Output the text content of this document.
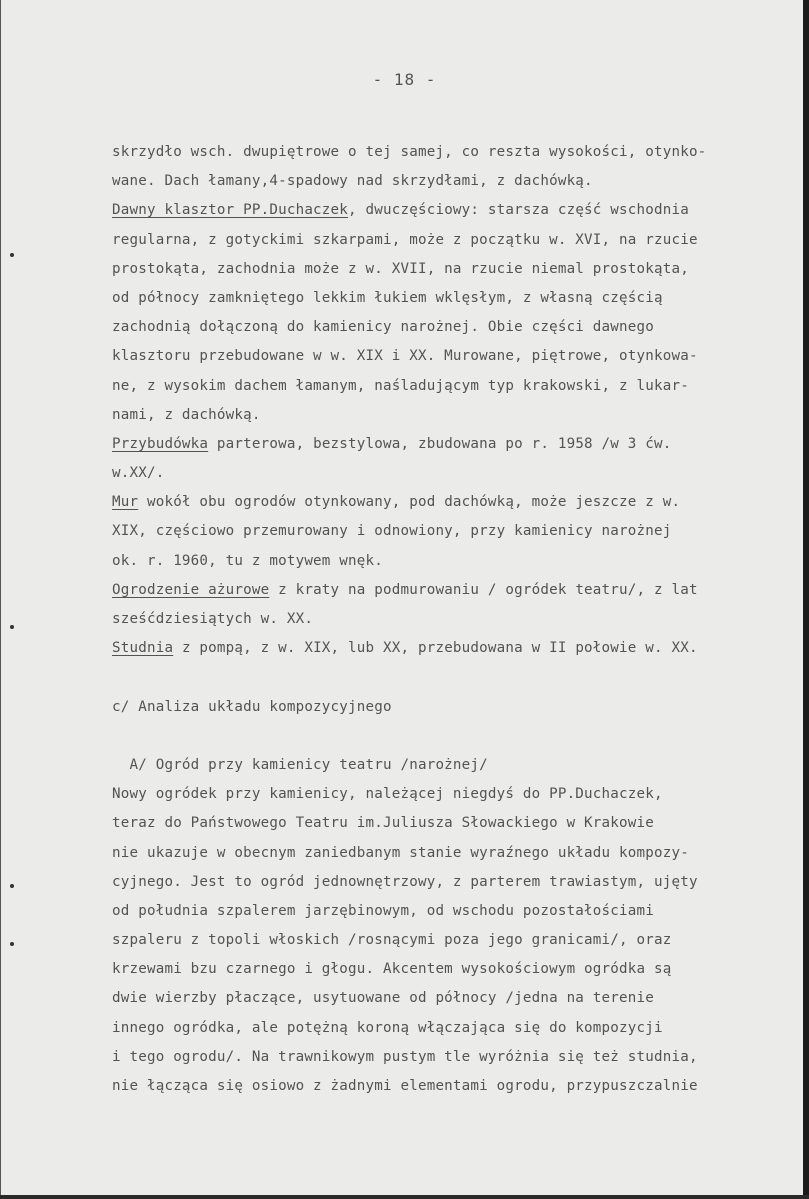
- 18 -
skrzydło wsch. dwupiętrowe o tej samej, co reszta wysokości, otynko-
wane. Dach łamany,4-spadowy nad skrzydłami, z dachówką.
Dawny klasztor PP.Duchaczek, dwuczęściowy: starsza część wschodnia
regularna, z gotyckimi szkarpami, może z początku w. XVI, na rzucie
prostokąta, zachodnia może z w. XVII, na rzucie niemal prostokąta,
od północy zamkniętego lekkim łukiem wklęsłym, z własną częścią
zachodnią dołączoną do kamienicy narożnej. Obie części dawnego
klasztoru przebudowane w w. XIX i XX. Murowane, piętrowe, otynkowa-
ne, z wysokim dachem łamanym, naśladującym typ krakowski, z lukar-
nami, z dachówką.
Przybudówka parterowa, bezstylowa, zbudowana po r. 1958 /w 3 ćw.
w.XX/.
Mur wokół obu ogrodów otynkowany, pod dachówką, może jeszcze z w.
XIX, częściowo przemurowany i odnowiony, przy kamienicy narożnej
ok. r. 1960, tu z motywem wnęk.
Ogrodzenie ażurowe z kraty na podmurowaniu / ogródek teatru/, z lat
sześćdziesiątych w. XX.
Studnia z pompą, z w. XIX, lub XX, przebudowana w II połowie w. XX.
c/ Analiza układu kompozycyjnego
A/ Ogród przy kamienicy teatru /narożnej/
Nowy ogródek przy kamienicy, należącej niegdyś do PP.Duchaczek,
teraz do Państwowego Teatru im.Juliusza Słowackiego w Krakowie
nie ukazuje w obecnym zaniedbanym stanie wyraźnego układu kompozy-
cyjnego. Jest to ogród jednownętrzowy, z parterem trawiastym, ujęty
od południa szpalerem jarzębinowym, od wschodu pozostałościami
szpaleru z topoli włoskich /rosnącymi poza jego granicami/, oraz
krzewami bzu czarnego i głogu. Akcentem wysokościowym ogródka są
dwie wierzby płaczące, usytuowane od północy /jedna na terenie
innego ogródka, ale potężną koroną włączająca się do kompozycji
i tego ogrodu/. Na trawnikowym pustym tle wyróżnia się też studnia,
nie łącząca się osiowo z żadnymi elementami ogrodu, przypuszczalnie
